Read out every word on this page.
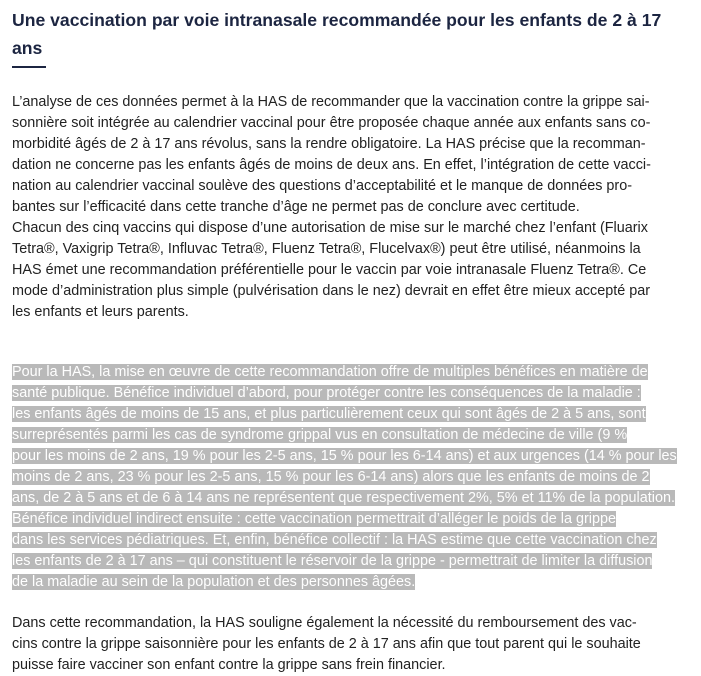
Une vaccination par voie intranasale recommandée pour les enfants de 2 à 17
ans

L’analyse de ces données permet à la HAS de recommander que la vaccination contre la grippe sai-
sonnière soit intégrée au calendrier vaccinal pour être proposée chaque année aux enfants sans co-
morbidité âgés de 2 à 17 ans révolus, sans la rendre obligatoire. La HAS précise que la recomman-
dation ne concerne pas les enfants âgés de moins de deux ans. En effet, l’intégration de cette vacci-
nation au calendrier vaccinal soulève des questions d’acceptabilité et le manque de données pro-
bantes sur l’efficacité dans cette tranche d’âge ne permet pas de conclure avec certitude.

Chacun des cinq vaccins qui dispose d’une autorisation de mise sur le marché chez l’enfant (Fluarix
Tetra®, Vaxigrip Tetra®, Influvac Tetra®, Fluenz Tetra®, Flucelvax®) peut être utilisé, néanmoins la
HAS émet une recommandation préférentielle pour le vaccin par voie intranasale Fluenz Tetra®. Ce
mode d’administration plus simple (pulvérisation dans le nez) devrait en effet être mieux accepté par
les enfants et leurs parents.

Pour la HAS, la mise en œuvre de cette recommandation offre de multiples bénéfices en matière de
santé publique. Bénéfice individuel d’abord, pour protéger contre les conséquences de la maladie :
les enfants âgés de moins de 15 ans, et plus particulièrement ceux qui sont âgés de 2 à 5 ans, sont
surreprésentés parmi les cas de syndrome grippal vus en consultation de médecine de ville (9 %
pour les moins de 2 ans, 19 % pour les 2-5 ans, 15 % pour les 6-14 ans) et aux urgences (14 % pour les
moins de 2 ans, 23 % pour les 2-5 ans, 15 % pour les 6-14 ans) alors que les enfants de moins de 2
ans, de 2 à 5 ans et de 6 à 14 ans ne représentent que respectivement 2%, 5% et 11% de la population.
Bénéfice individuel indirect ensuite : cette vaccination permettrait d’alléger le poids de la grippe
dans les services pédiatriques. Et, enfin, bénéfice collectif : la HAS estime que cette vaccination chez
les enfants de 2 à 17 ans – qui constituent le réservoir de la grippe - permettrait de limiter la diffusion
de la maladie au sein de la population et des personnes âgées.

Dans cette recommandation, la HAS souligne également la nécessité du remboursement des vac-
cins contre la grippe saisonnière pour les enfants de 2 à 17 ans afin que tout parent qui le souhaite
puisse faire vacciner son enfant contre la grippe sans frein financier.
